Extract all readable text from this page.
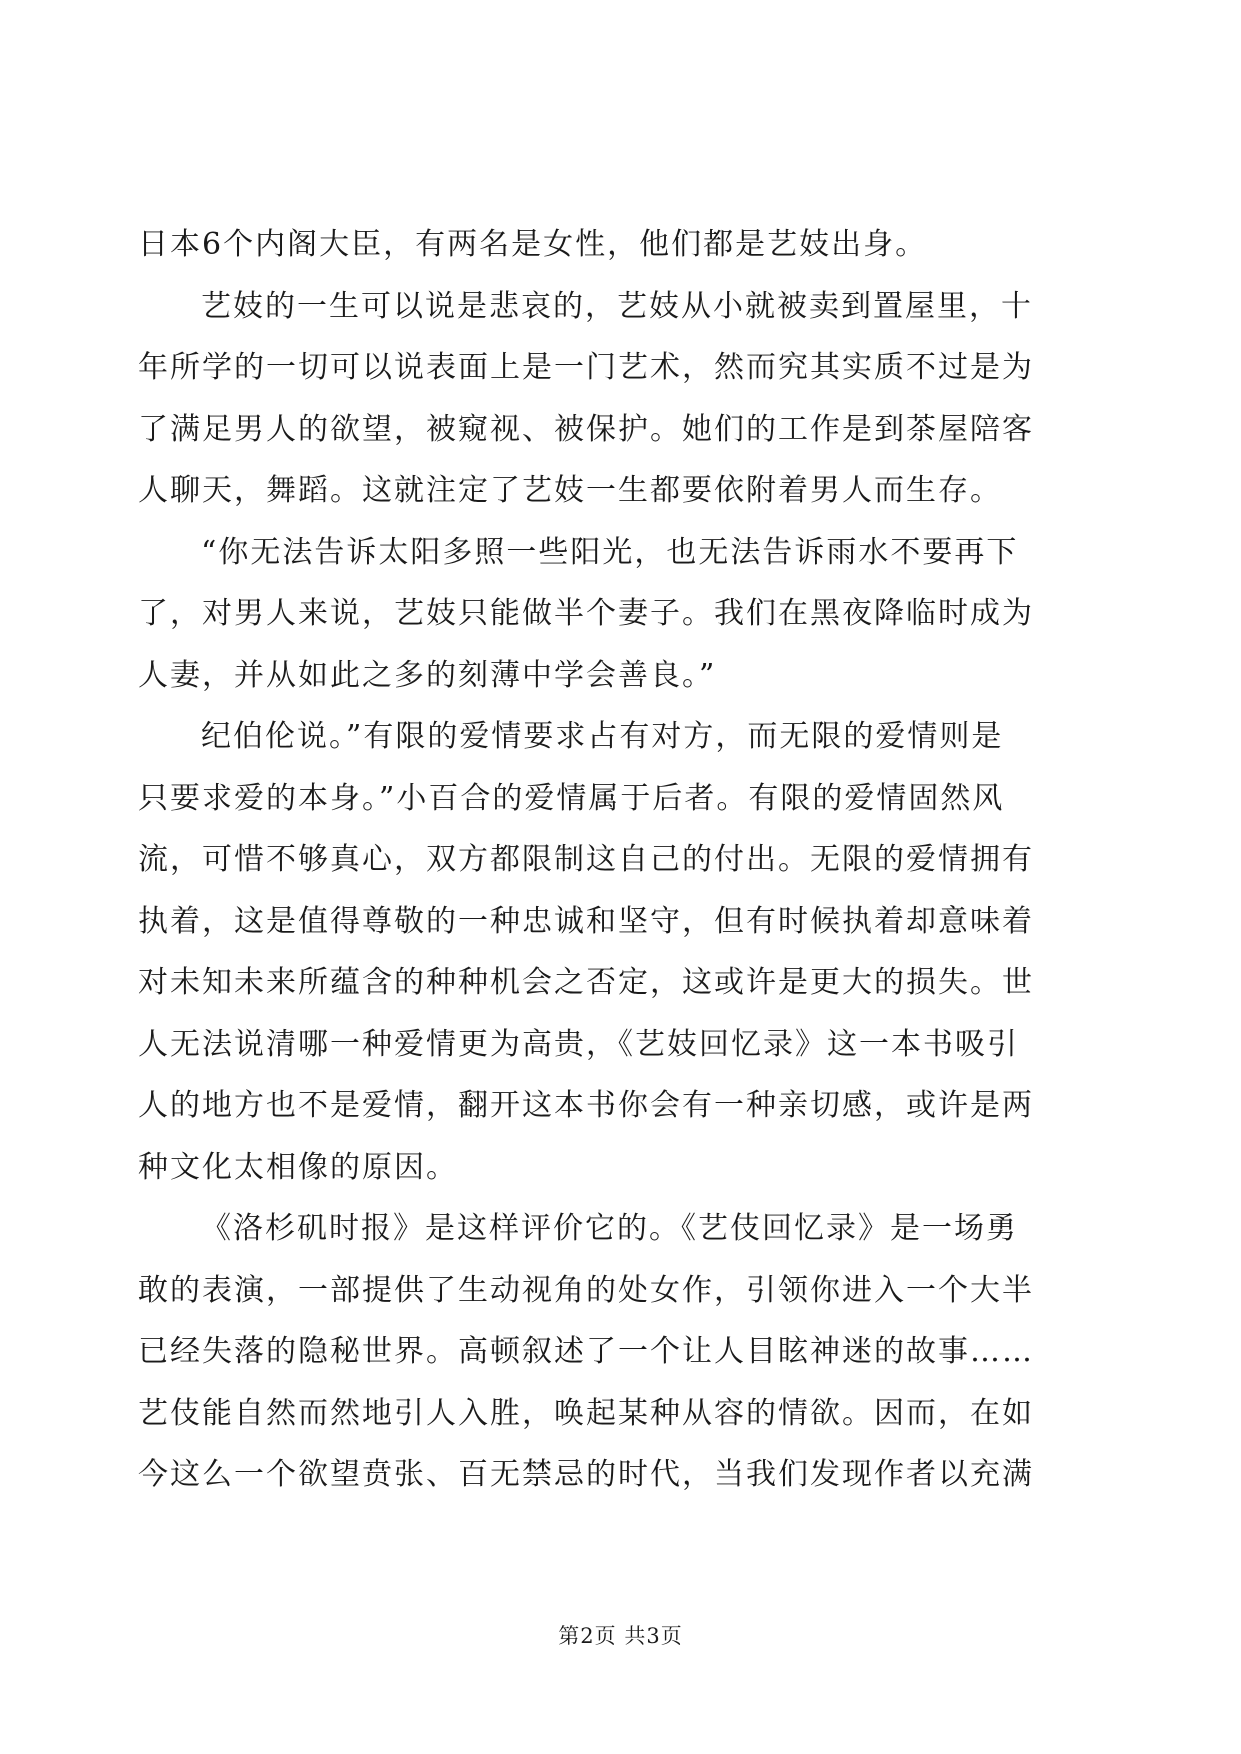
日本6个内阁大臣，有两名是女性，他们都是艺妓出身。
艺妓的一生可以说是悲哀的，艺妓从小就被卖到置屋里，十
年所学的一切可以说表面上是一门艺术，然而究其实质不过是为
了满足男人的欲望，被窥视、被保护。她们的工作是到茶屋陪客
人聊天，舞蹈。这就注定了艺妓一生都要依附着男人而生存。
“你无法告诉太阳多照一些阳光，也无法告诉雨水不要再下
了，对男人来说，艺妓只能做半个妻子。我们在黑夜降临时成为
人妻，并从如此之多的刻薄中学会善良。”
纪伯伦说。”有限的爱情要求占有对方，而无限的爱情则是
只要求爱的本身。”小百合的爱情属于后者。有限的爱情固然风
流，可惜不够真心，双方都限制这自己的付出。无限的爱情拥有
执着，这是值得尊敬的一种忠诚和坚守，但有时候执着却意味着
对未知未来所蕴含的种种机会之否定，这或许是更大的损失。世
人无法说清哪一种爱情更为高贵，《艺妓回忆录》这一本书吸引
人的地方也不是爱情，翻开这本书你会有一种亲切感，或许是两
种文化太相像的原因。
《洛杉矶时报》是这样评价它的。《艺伎回忆录》是一场勇
敢的表演，一部提供了生动视角的处女作，引领你进入一个大半
已经失落的隐秘世界。高顿叙述了一个让人目眩神迷的故事……
艺伎能自然而然地引人入胜，唤起某种从容的情欲。因而，在如
今这么一个欲望贲张、百无禁忌的时代，当我们发现作者以充满
第2页 共3页
